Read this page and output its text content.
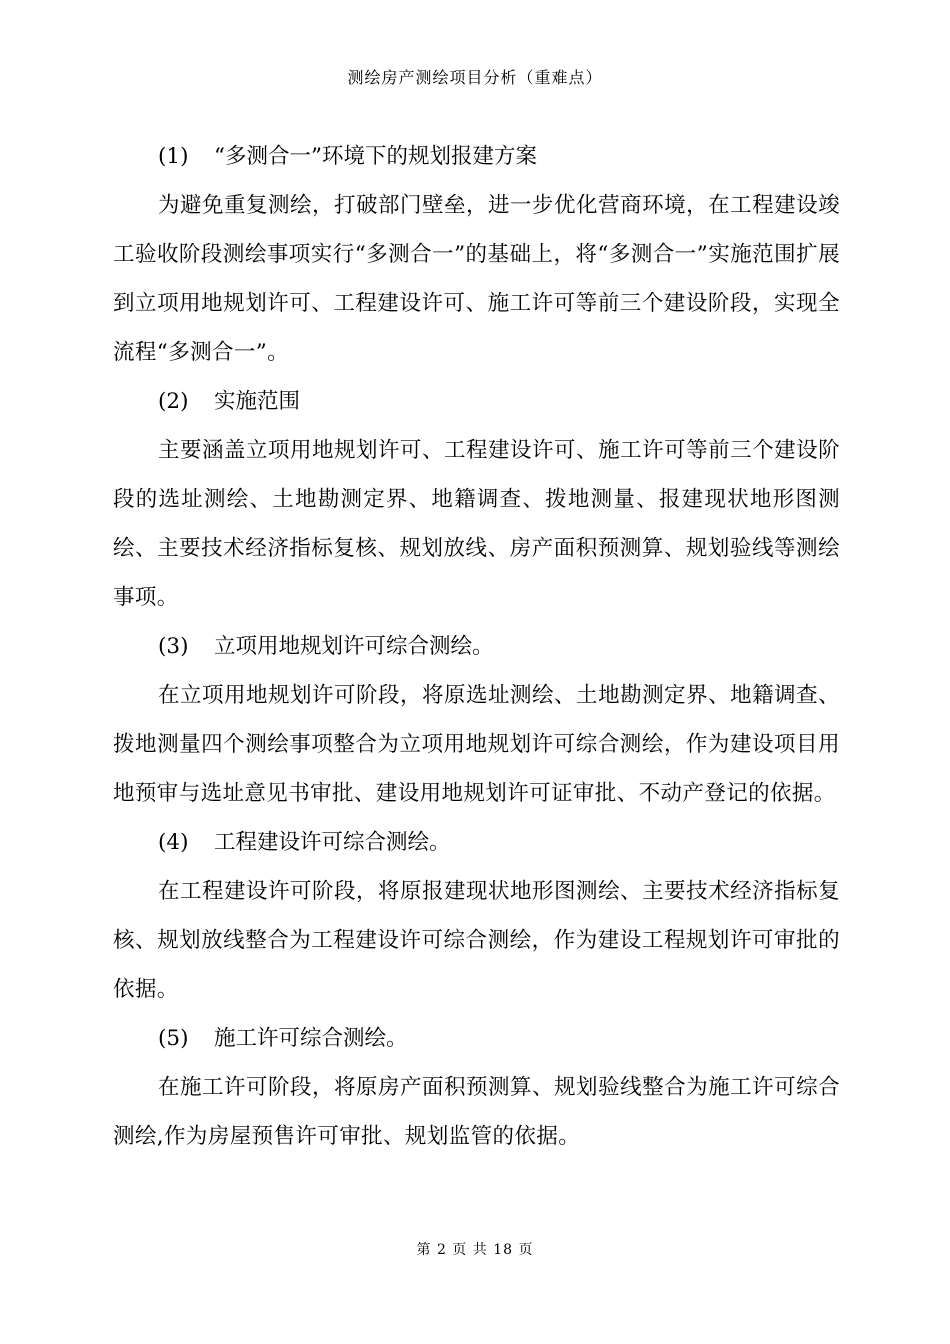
测绘房产测绘项目分析（重难点）
(1) “多测合一”环境下的规划报建方案

为避免重复测绘，打破部门壁垒，进一步优化营商环境，在工程建设竣工验收阶段测绘事项实行“多测合一”的基础上，将“多测合一”实施范围扩展到立项用地规划许可、工程建设许可、施工许可等前三个建设阶段，实现全流程“多测合一”。

(2) 实施范围

主要涵盖立项用地规划许可、工程建设许可、施工许可等前三个建设阶段的选址测绘、土地勘测定界、地籍调查、拨地测量、报建现状地形图测绘、主要技术经济指标复核、规划放线、房产面积预测算、规划验线等测绘事项。

(3) 立项用地规划许可综合测绘。

在立项用地规划许可阶段，将原选址测绘、土地勘测定界、地籍调查、拨地测量四个测绘事项整合为立项用地规划许可综合测绘，作为建设项目用地预审与选址意见书审批、建设用地规划许可证审批、不动产登记的依据。

(4) 工程建设许可综合测绘。

在工程建设许可阶段，将原报建现状地形图测绘、主要技术经济指标复核、规划放线整合为工程建设许可综合测绘，作为建设工程规划许可审批的依据。

(5) 施工许可综合测绘。

在施工许可阶段，将原房产面积预测算、规划验线整合为施工许可综合测绘,作为房屋预售许可审批、规划监管的依据。

第 2 页 共 18 页
